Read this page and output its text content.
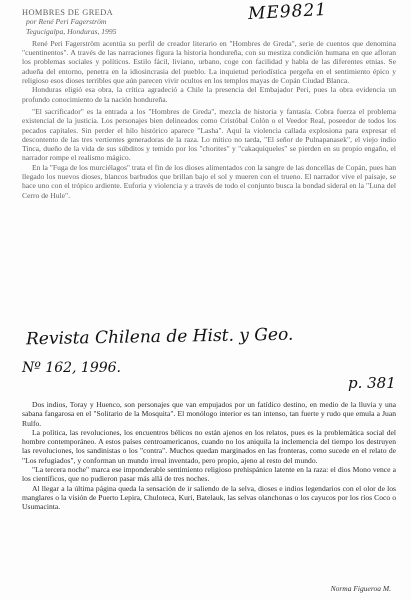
ME9821
HOMBRES DE GREDA
por René Peri Fagerström
Tegucigalpa, Honduras, 1995

René Peri Fagerström acentúa su perfil de creador literario en "Hombres de Greda", serie de cuentos que denomina "cuentinentos". A través de las narraciones figura la historia hondureña, con su mestiza condición humana en que afloran los problemas sociales y políticos. Estilo fácil, liviano, urbano, coge con facilidad y habla de las diferentes etnias. Se adueña del entorno, penetra en la idiosincrasia del pueblo. La inquietud periodística pergeña en el sentimiento épico y religioso esos dioses terribles que aún parecen vivir ocultos en los templos mayas de Copán Ciudad Blanca.

Honduras eligió esa obra, la crítica agradeció a Chile la presencia del Embajador Peri, pues la obra evidencia un profundo conocimiento de la nación hondureña.

"El sacrificador" es la entrada a los "Hombres de Greda", mezcla de historia y fantasía. Cobra fuerza el problema existencial de la justicia. Los personajes bien delineados como Cristóbal Colón o el Veedor Real, poseedor de todos los pecados capitales. Sin perder el hilo histórico aparece "Lasha". Aquí la violencia callada explosiona para expresar el descontento de las tres vertientes generadoras de la raza. Lo mítico no tarda, "El señor de Pulnapanasek", el viejo indio Tinca, dueño de la vida de sus súbditos y temido por los "chorites" y "cakaquiqueles" se pierden en su propio engaño, el narrador rompe el realismo mágico.

En la "Fuga de los murciélagos" trata el fin de los dioses alimentados con la sangre de las doncellas de Copán, pues han llegado los nuevos dioses, blancos barbudos que brillan bajo el sol y mueren con el trueno. El narrador vive el paisaje, se hace uno con el trópico ardiente. Euforia y violencia y a través de todo el conjunto busca la bondad sideral en la "Luna del Cerro de Hule".

Revista Chilena de Hist. y Geo.
Nº 162, 1996.
p. 381

Dos indios, Toray y Huenco, son personajes que van empujados por un fatídico destino, en medio de la lluvia y una sabana fangarosa en el "Solitario de la Mosquita". El monólogo interior es tan intenso, tan fuerte y rudo que emula a Juan Rulfo.

La política, las revoluciones, los encuentros bélicos no están ajenos en los relatos, pues es la problemática social del hombre contemporáneo. A estos países centroamericanos, cuando no los aniquila la inclemencia del tiempo los destruyen las revoluciones, los sandinistas o los "contra". Muchos quedan marginados en las fronteras, como sucede en el relato de "Los refugiados", y conforman un mundo irreal inventado, pero propio, ajeno al resto del mundo.

"La tercera noche" marca ese imponderable sentimiento religioso prehispánico latente en la raza: el dios Mono vence a los científicos, que no pudieron pasar más allá de tres noches.

Al llegar a la última página queda la sensación de ir saliendo de la selva, dioses e indios legendarios con el olor de los manglares o la visión de Puerto Lepira, Chuloteca, Kuri, Batelauk, las selvas olanchonas o los cayucos por los ríos Coco o Usumacinta.

Norma Figueroa M.
